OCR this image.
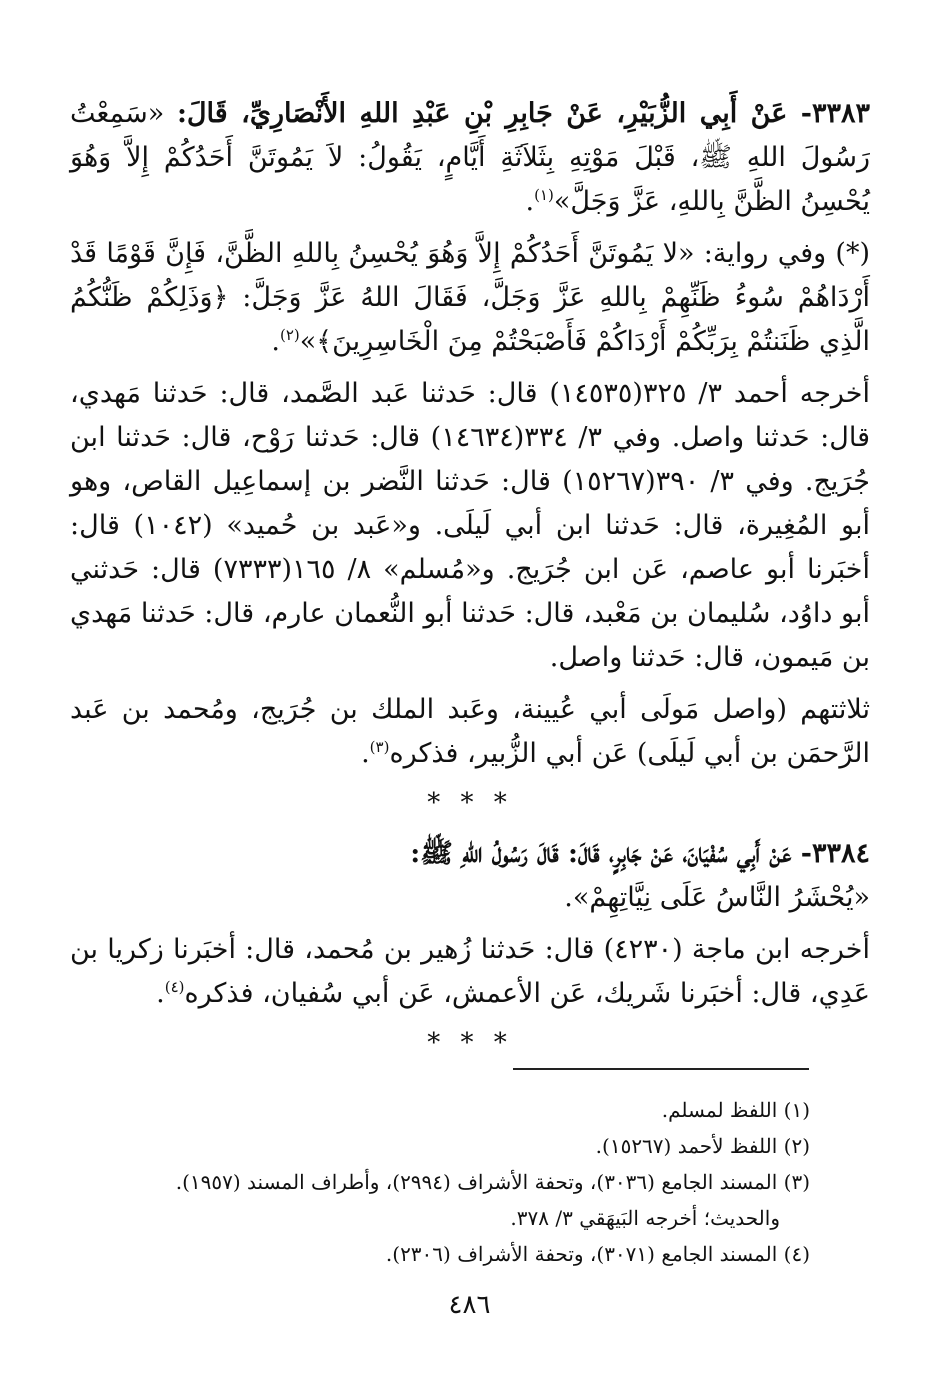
٣٣٨٣- عَنْ أَبِي الزُّبَيْرِ، عَنْ جَابِرِ بْنِ عَبْدِ اللهِ الأَنْصَارِيِّ، قَالَ: «سَمِعْتُ رَسُولَ اللهِ ﷺ، قَبْلَ مَوْتِهِ بِثَلاَثَةِ أَيَّامٍ، يَقُولُ: لاَ يَمُوتَنَّ أَحَدُكُمْ إِلاَّ وَهُوَ يُحْسِنُ الظَّنَّ بِاللهِ، عَزَّ وَجَلَّ»$^{(١)}$.

(*) وفي رواية: «لا يَمُوتَنَّ أَحَدُكُمْ إِلاَّ وَهُوَ يُحْسِنُ بِاللهِ الظَّنَّ، فَإِنَّ قَوْمًا قَدْ أَرْدَاهُمْ سُوءُ ظَنِّهِمْ بِاللهِ عَزَّ وَجَلَّ، فَقَالَ اللهُ عَزَّ وَجَلَّ: ﴿وَذَلِكُمْ ظَنُّكُمُ الَّذِي ظَنَنتُمْ بِرَبِّكُمْ أَرْدَاكُمْ فَأَصْبَحْتُمْ مِنَ الْخَاسِرِينَ﴾»$^{(٢)}$.

أخرجه أحمد ٣/ ٣٢٥(١٤٥٣٥) قال: حَدثنا عَبد الصَّمد، قال: حَدثنا مَهدي، قال: حَدثنا واصل. وفي ٣/ ٣٣٤(١٤٦٣٤) قال: حَدثنا رَوْح، قال: حَدثنا ابن جُرَيج. وفي ٣/ ٣٩٠(١٥٢٦٧) قال: حَدثنا النَّضر بن إسماعِيل القاص، وهو أبو المُغِيرة، قال: حَدثنا ابن أبي لَيلَى. و«عَبد بن حُميد» (١٠٤٢) قال: أخبَرنا أبو عاصم، عَن ابن جُرَيج. و«مُسلم» ٨/ ١٦٥(٧٣٣٣) قال: حَدثني أبو داوُد، سُليمان بن مَعْبد، قال: حَدثنا أبو النُّعمان عارم، قال: حَدثنا مَهدي بن مَيمون، قال: حَدثنا واصل.

ثلاثتهم (واصل مَولَى أبي عُيينة، وعَبد الملك بن جُرَيج، ومُحمد بن عَبد الرَّحمَن بن أبي لَيلَى) عَن أبي الزُّبير، فذكره$^{(٣)}$.

* * *

٣٣٨٤- عَنْ أَبِي سُفْيَانَ، عَنْ جَابِرٍ، قَالَ: قَالَ رَسُولُ اللهِ ﷺ:
«يُحْشَرُ النَّاسُ عَلَى نِيَّاتِهِمْ».

أخرجه ابن ماجة (٤٢٣٠) قال: حَدثنا زُهير بن مُحمد، قال: أخبَرنا زكريا بن عَدِي، قال: أخبَرنا شَريك، عَن الأعمش، عَن أبي سُفيان، فذكره$^{(٤)}$.

* * *

(١) اللفظ لمسلم.

(٢) اللفظ لأحمد (١٥٢٦٧).

(٣) المسند الجامع (٣٠٣٦)، وتحفة الأشراف (٢٩٩٤)، وأطراف المسند (١٩٥٧).

والحديث؛ أخرجه البَيهَقي ٣/ ٣٧٨.

(٤) المسند الجامع (٣٠٧١)، وتحفة الأشراف (٢٣٠٦).

٤٨٦
